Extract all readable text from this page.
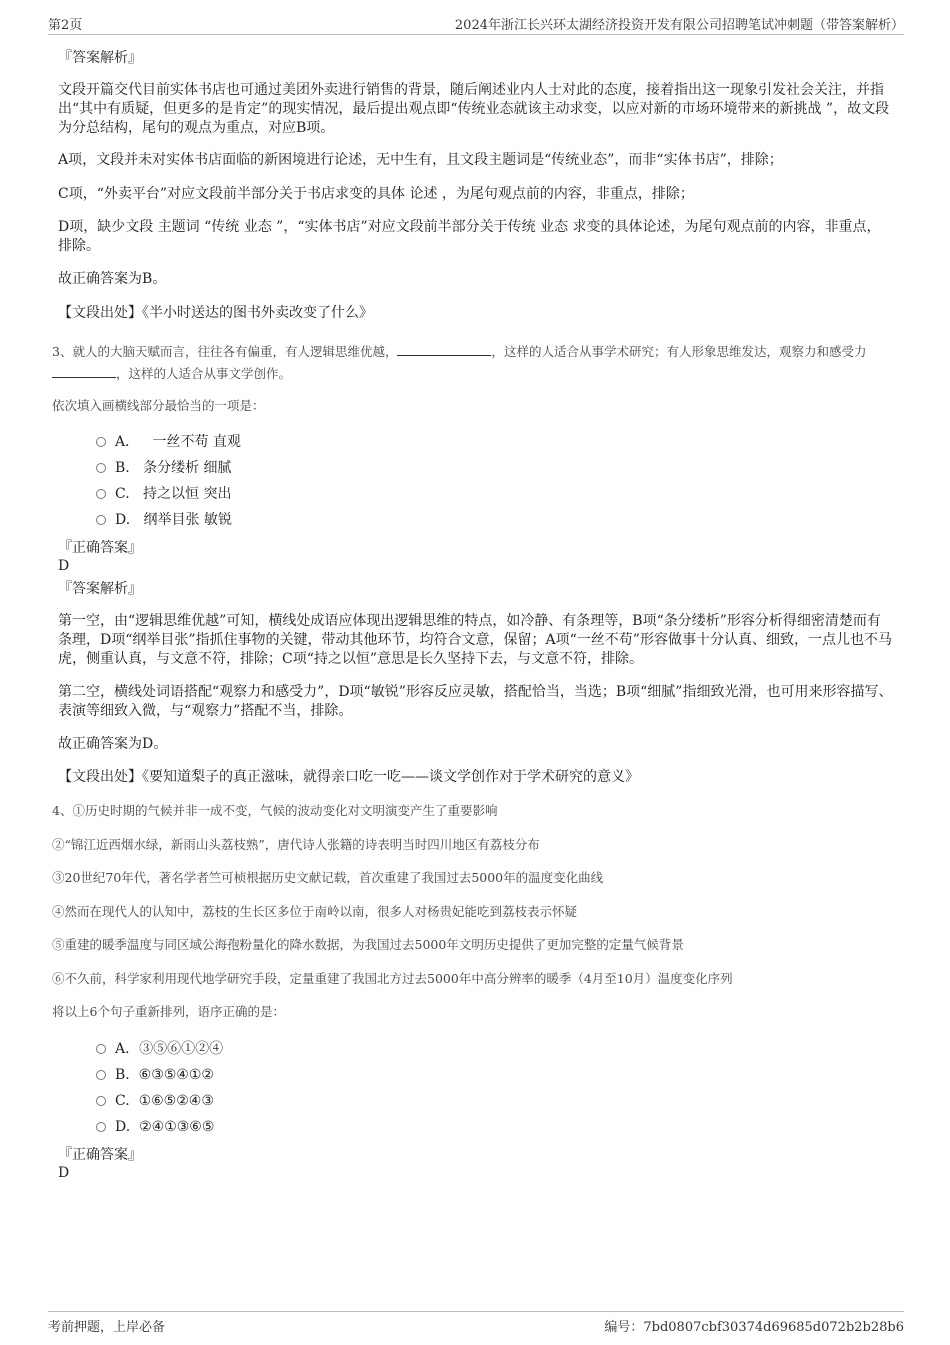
第2页	2024年浙江长兴环太湖经济投资开发有限公司招聘笔试冲刺题（带答案解析）

『答案解析』

文段开篇交代目前实体书店也可通过美团外卖进行销售的背景，随后阐述业内人士对此的态度，接着指出这一现象引发社会关注，并指出“其中有质疑，但更多的是肯定”的现实情况，最后提出观点即“传统业态就该主动求变，以应对新的市场环境带来的新挑战 ”，故文段为分总结构，尾句的观点为重点，对应B项。

A项，文段并未对实体书店面临的新困境进行论述，无中生有，且文段主题词是“传统业态”，而非“实体书店”，排除；

C项，“外卖平台”对应文段前半部分关于书店求变的具体 论述 ，为尾句观点前的内容，非重点，排除；

D项，缺少文段 主题词 “传统 业态 ”，“实体书店”对应文段前半部分关于传统 业态 求变的具体论述，为尾句观点前的内容，非重点，排除。

故正确答案为B。

【文段出处】《半小时送达的图书外卖改变了什么》

3、就人的大脑天赋而言，往往各有偏重，有人逻辑思维优越，	，这样的人适合从事学术研究；有人形象思维发达，观察力和感受力，这样的人适合从事文学创作。

依次填入画横线部分最恰当的一项是：

A． 一丝不苟 直观
B. 条分缕析 细腻
C. 持之以恒 突出
D. 纲举目张 敏锐

『正确答案』

D

『答案解析』

第一空，由“逻辑思维优越”可知，横线处成语应体现出逻辑思维的特点，如冷静、有条理等，B项“条分缕析”形容分析得细密清楚而有条理，D项“纲举目张”指抓住事物的关键，带动其他环节，均符合文意，保留；A项“一丝不苟”形容做事十分认真、细致，一点儿也不马虎，侧重认真，与文意不符，排除；C项“持之以恒”意思是长久坚持下去，与文意不符，排除。

第二空，横线处词语搭配“观察力和感受力”，D项“敏锐”形容反应灵敏，搭配恰当，当选；B项“细腻”指细致光滑，也可用来形容描写、表演等细致入微，与“观察力”搭配不当，排除。

故正确答案为D。

【文段出处】《要知道梨子的真正滋味，就得亲口吃一吃——谈文学创作对于学术研究的意义》

4、①历史时期的气候并非一成不变，气候的波动变化对文明演变产生了重要影响

②“锦江近西烟水绿，新雨山头荔枝熟”，唐代诗人张籍的诗表明当时四川地区有荔枝分布

③20世纪70年代，著名学者竺可桢根据历史文献记载，首次重建了我国过去5000年的温度变化曲线

④然而在现代人的认知中，荔枝的生长区多位于南岭以南，很多人对杨贵妃能吃到荔枝表示怀疑

⑤重建的暖季温度与同区域公海孢粉量化的降水数据，为我国过去5000年文明历史提供了更加完整的定量气候背景

⑥不久前，科学家利用现代地学研究手段，定量重建了我国北方过去5000年中高分辨率的暖季（4月至10月）温度变化序列

将以上6个句子重新排列，语序正确的是：

A．③⑤⑥①②④
B. ⑥③⑤④①②
C. ①⑥⑤②④③
D. ②④①③⑥⑤

『正确答案』

D

考前押题，上岸必备	编号：7bd0807cbf30374d69685d072b2b28b6
